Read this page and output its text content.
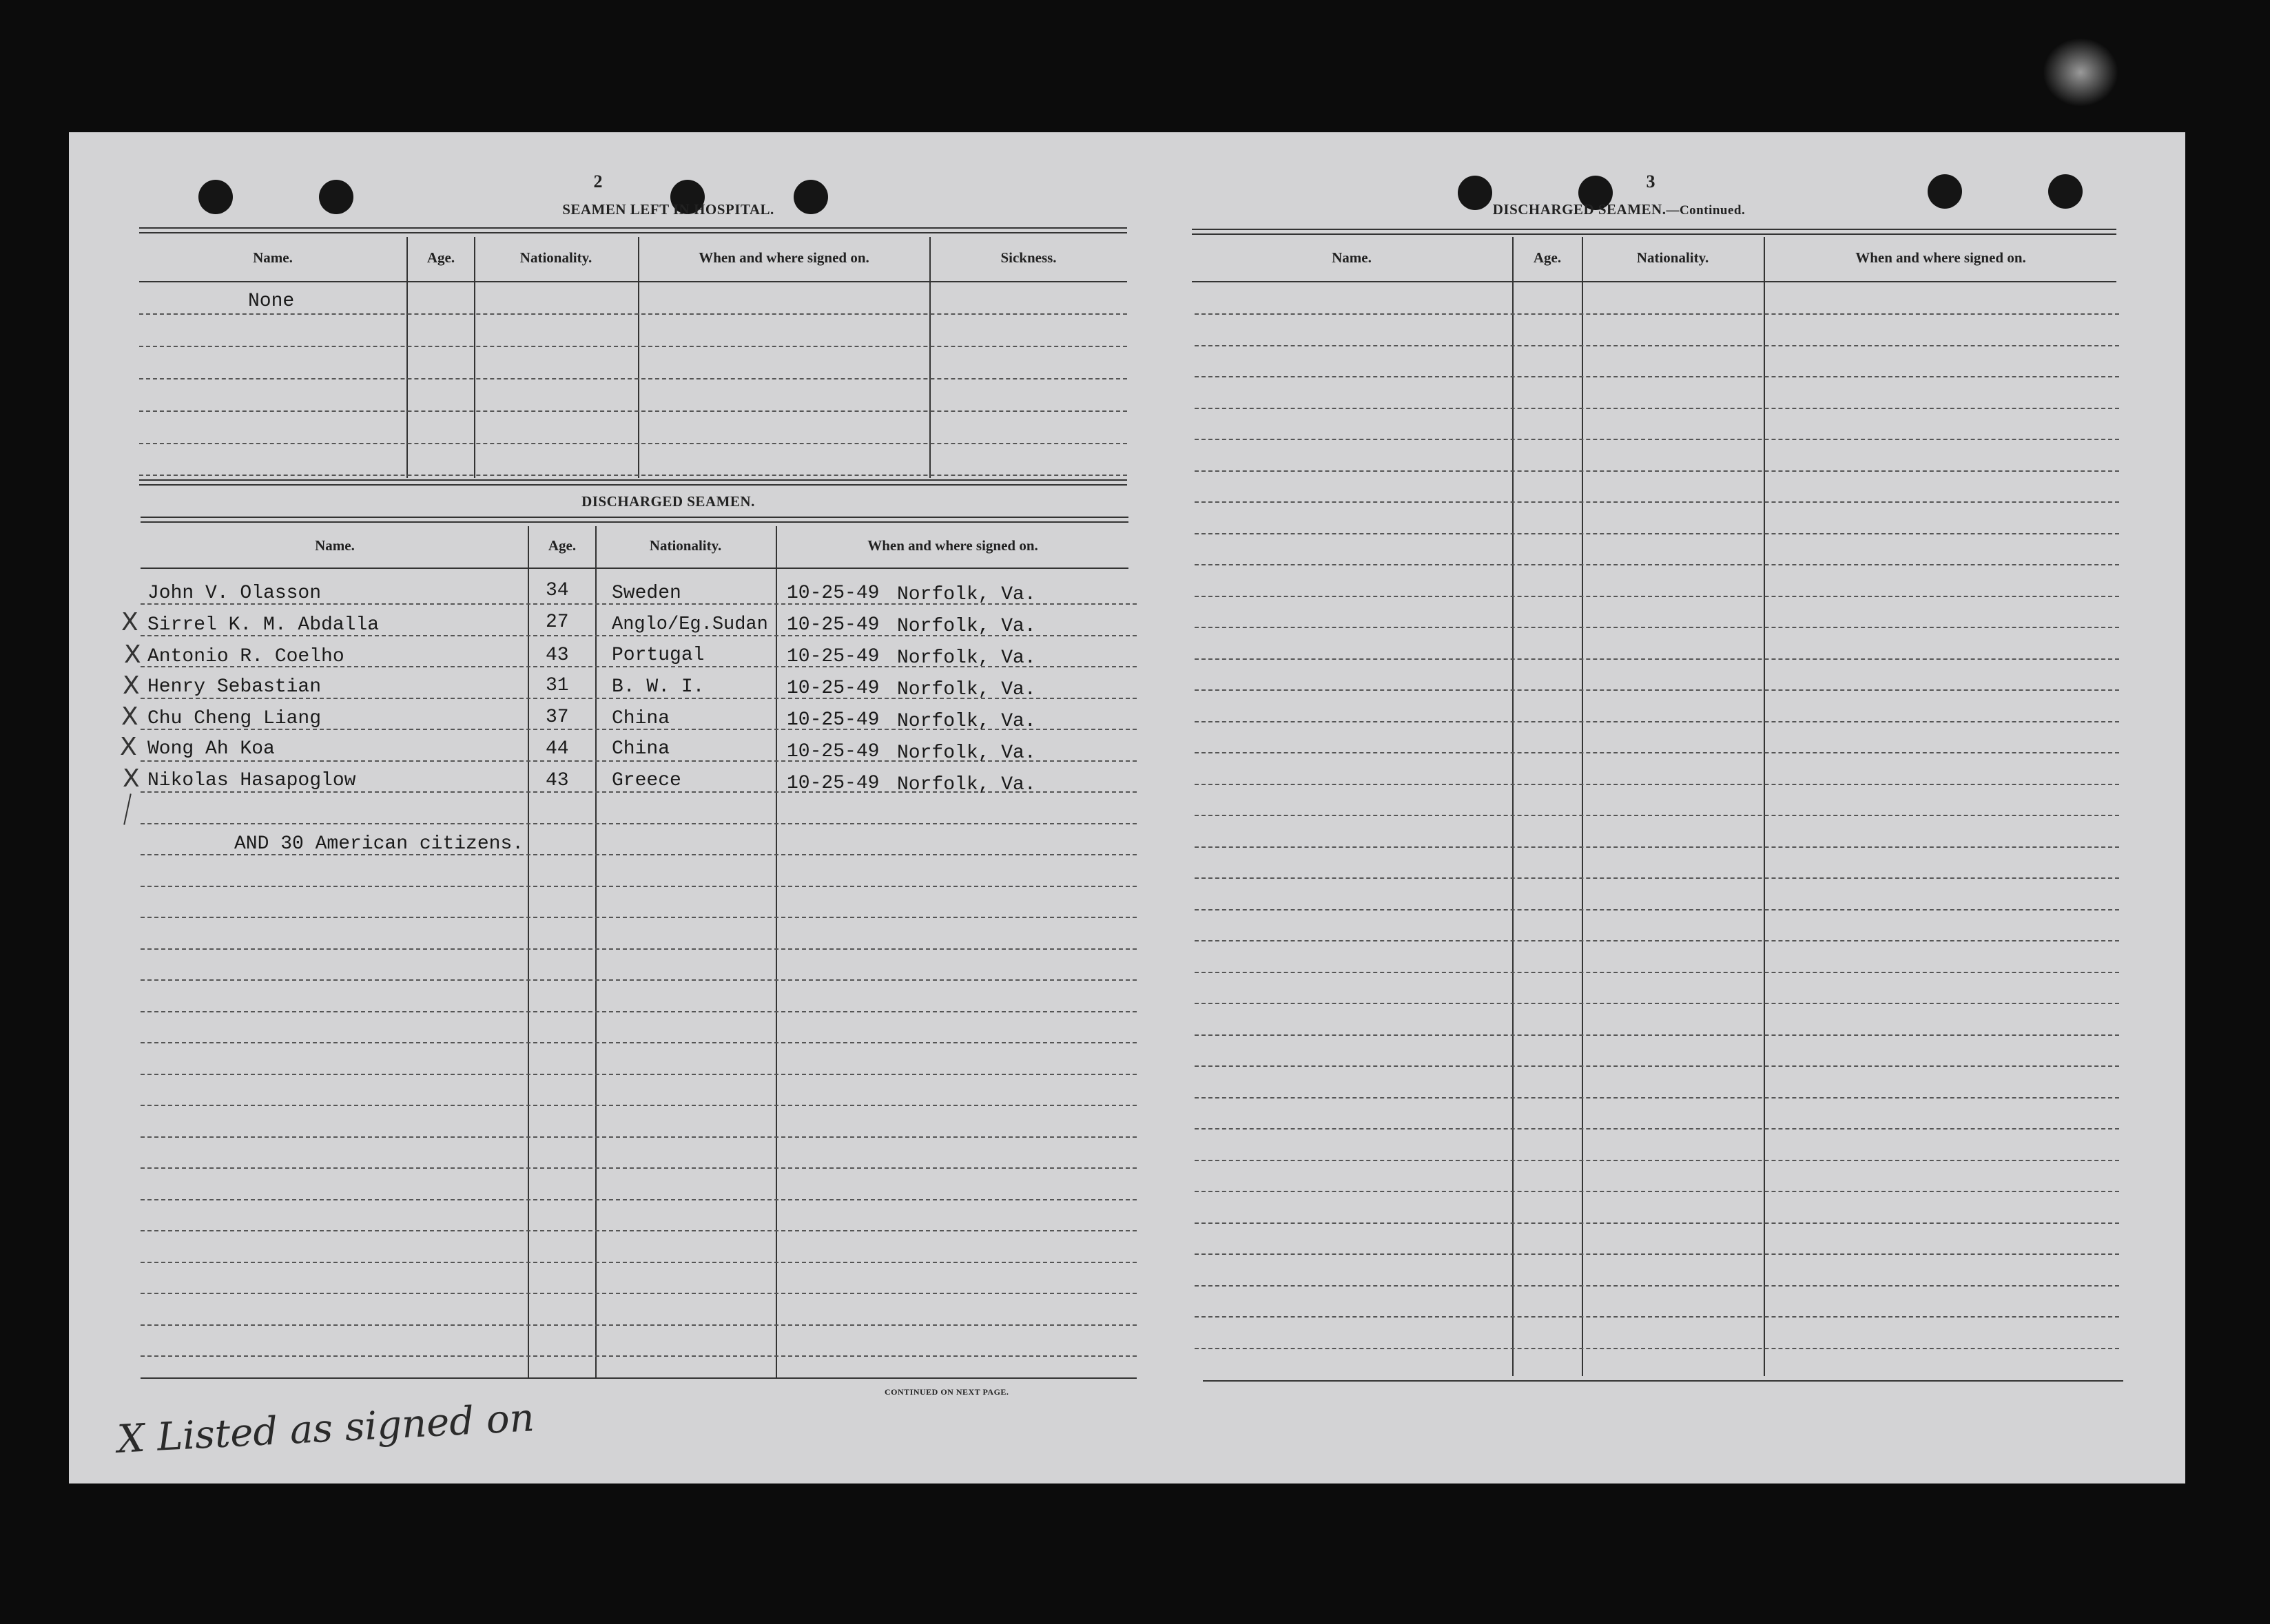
2
SEAMEN LEFT IN HOSPITAL.
Name.	Age.	Nationality.	When and where signed on.	Sickness.
None
DISCHARGED SEAMEN.
Name.	Age.	Nationality.	When and where signed on.
John V. Olasson	34 Sweden	10-25-49 Norfolk, Va.
X Sirrel K. M. Abdalla	27 Anglo/Eg.Sudan 10-25-49 Norfolk, Va.
X Antonio R. Coelho	43 Portugal	10-25-49 Norfolk, Va.
X Henry Sebastian	31 B. W. I.	10-25-49 Norfolk, Va.
X Chu Cheng Liang	37 China	10-25-49 Norfolk, Va.
X Wong Ah Koa	44 China	10-25-49 Norfolk, Va.
X Nikolas Hasapoglow	43 Greece	10-25-49 Norfolk, Va.
AND 30 American citizens.
CONTINUED ON NEXT PAGE.
X Listed as signed on
3
DISCHARGED SEAMEN.—Continued.
Name.	Age.	Nationality.	When and where signed on.
